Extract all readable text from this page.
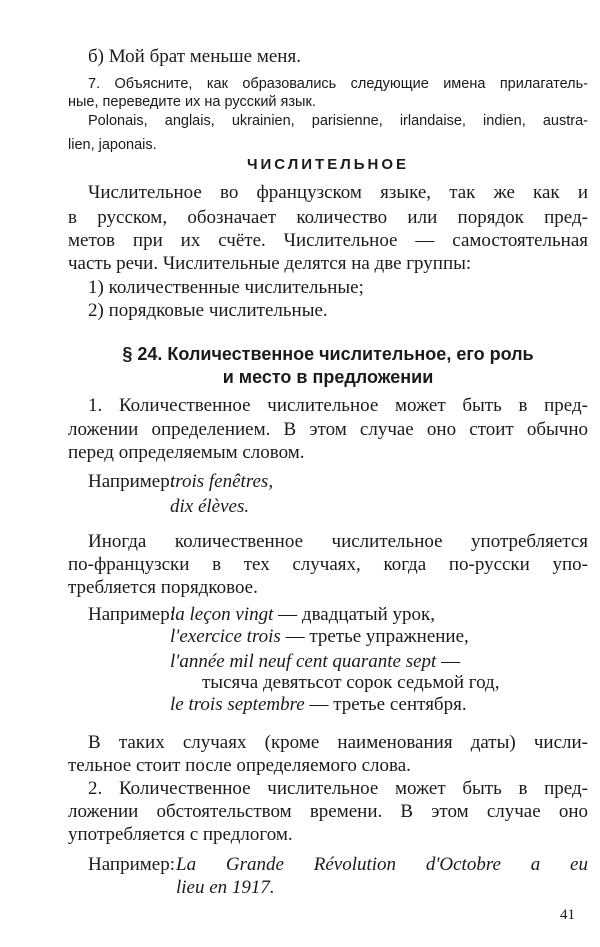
б) Мой брат меньше меня.
7. Объясните, как образовались следующие имена прилагатель-
ные, переведите их на русский язык.
Polonais, anglais, ukrainien, parisienne, irlandaise, indien, austra-
lien, japonais.
ЧИСЛИТЕЛЬНОЕ
Числительное во французском языке, так же как и
в русском, обозначает количество или порядок пред-
метов при их счёте. Числительное — самостоятельная
часть речи. Числительные делятся на две группы:
1) количественные числительные;
2) порядковые числительные.
§ 24. Количественное числительное, его роль
и место в предложении
1. Количественное числительное может быть в пред-
ложении определением. В этом случае оно стоит обычно
перед определяемым словом.
Например:
trois fenêtres,
dix élèves.
Иногда количественное числительное употребляется
по-французски в тех случаях, когда по-русски упо-
требляется порядковое.
Например:
la leçon vingt — двадцатый урок,
l'exercice trois — третье упражнение,
l'année mil neuf cent quarante sept —
тысяча девятьсот сорок седьмой год,
le trois septembre — третье сентября.
В таких случаях (кроме наименования даты) числи-
тельное стоит после определяемого слова.
2. Количественное числительное может быть в пред-
ложении обстоятельством времени. В этом случае оно
употребляется с предлогом.
Например: La Grande Révolution d'Octobre a eu
lieu en 1917.
41
